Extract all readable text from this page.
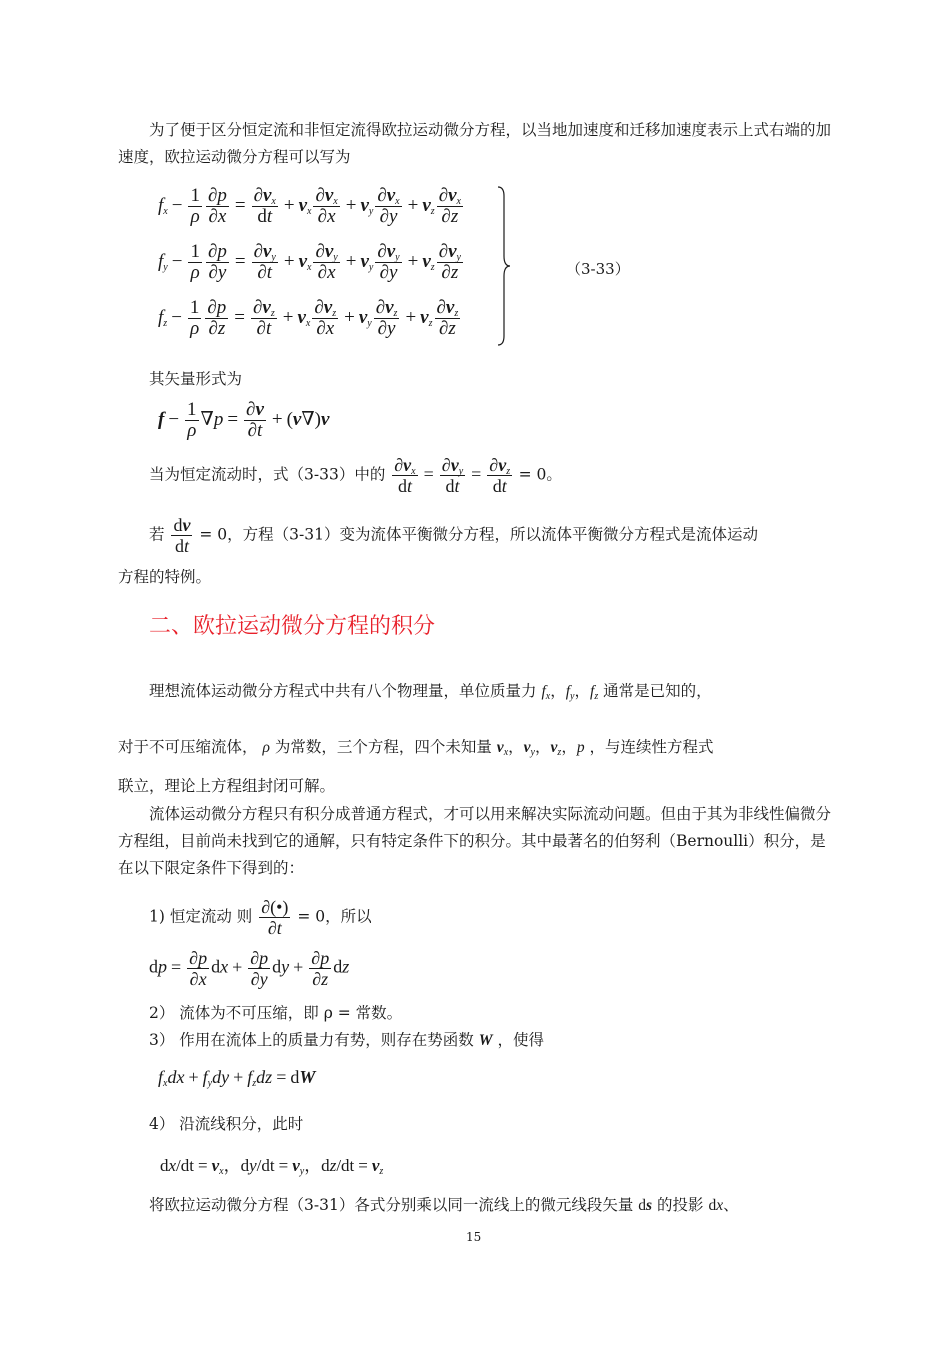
为了便于区分恒定流和非恒定流得欧拉运动微分方程，以当地加速度和迁移加速度表示上式右端的加速度，欧拉运动微分方程可以写为

$f_x - \frac{1}{\rho} \frac{\partial p}{\partial x} = \frac{\partial v_x}{dt} + v_x \frac{\partial v_x}{\partial x} + v_y \frac{\partial v_x}{\partial y} + v_z \frac{\partial v_x}{\partial z}$
$f_y - \frac{1}{\rho} \frac{\partial p}{\partial y} = \frac{\partial v_y}{\partial t} + v_x \frac{\partial v_y}{\partial x} + v_y \frac{\partial v_y}{\partial y} + v_z \frac{\partial v_y}{\partial z}$
$f_z - \frac{1}{\rho} \frac{\partial p}{\partial z} = \frac{\partial v_z}{\partial t} + v_x \frac{\partial v_z}{\partial x} + v_y \frac{\partial v_z}{\partial y} + v_z \frac{\partial v_z}{\partial z}$
（3-33）

其矢量形式为

$f - \frac{1}{\rho} \nabla p = \frac{\partial v}{\partial t} + (v\nabla)v$
当为恒定流动时，式（3-33）中的 $\frac{\partial v_x}{dt} = \frac{\partial v_y}{dt} = \frac{\partial v_z}{dt} = 0$。
若 $\frac{dv}{dt} = 0$，方程（3-31）变为流体平衡微分方程，所以流体平衡微分方程式是流体运动

方程的特例。

二、欧拉运动微分方程的积分
理想流体运动微分方程式中共有八个物理量，单位质量力 $f_x$，$f_y$，$f_z$ 通常是已知的，
对于不可压缩流体， ρ 为常数，三个方程，四个未知量 $v_x$，$v_y$，$v_z$，p ，与连续性方程式

联立，理论上方程组封闭可解。

流体运动微分方程只有积分成普通方程式，才可以用来解决实际流动问题。但由于其为非线性偏微分方程组，目前尚未找到它的通解，只有特定条件下的积分。其中最著名的伯努利（Bernoulli）积分，是在以下限定条件下得到的：

1) 恒定流动 则 $\frac{\partial(•)}{\partial t} = 0$，所以
dp = $\frac{\partial p}{\partial x}$ dx + $\frac{\partial p}{\partial y}$ dy + $\frac{\partial p}{\partial z}$ dz

2） 流体为不可压缩，即 ρ = 常数。

3） 作用在流体上的质量力有势，则存在势函数 W ，使得
$f_xdx + f_ydy + f_zdz$ = dW

4） 沿流线积分，此时

$dx/dt = v_x$，$dy/dt = v_y$，$dz/dt = v_z$
将欧拉运动微分方程（3-31）各式分别乘以同一流线上的微元线段矢量 ds 的投影 dx、
15
